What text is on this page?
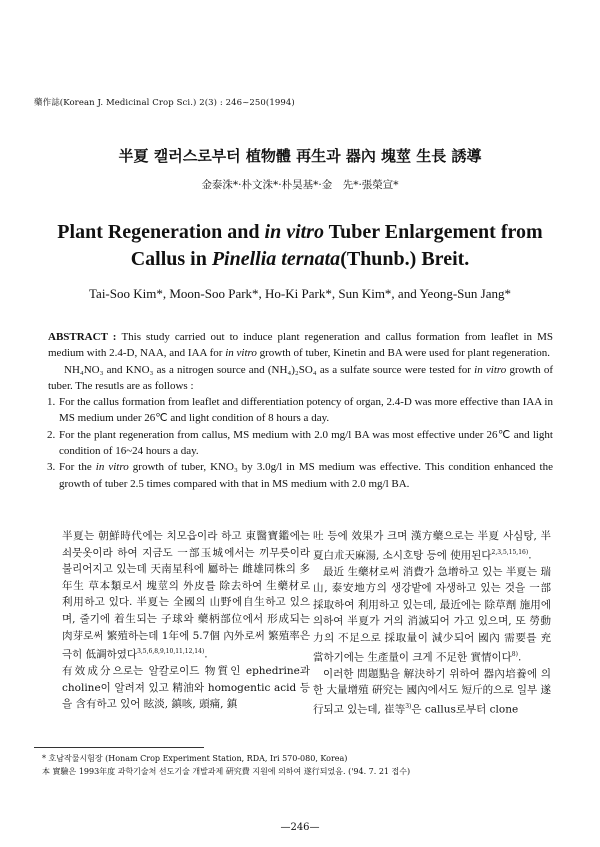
藥作誌(Korean J. Medicinal Crop Sci.) 2(3) : 246~250(1994)
半夏 캘러스로부터 植物體 再生과 器內 塊莖 生長 誘導
金泰洙*·朴文洙*·朴昊基*·金　先*·張榮宣*
Plant Regeneration and in vitro Tuber Enlargement from
Callus in Pinellia ternata(Thunb.) Breit.
Tai-Soo Kim*, Moon-Soo Park*, Ho-Ki Park*, Sun Kim*, and Yeong-Sun Jang*

ABSTRACT : This study carried out to induce plant regeneration and callus formation from leaflet in MS medium with 2.4-D, NAA, and IAA for in vitro growth of tuber, Kinetin and BA were used for plant regeneration.

NH₄NO₃ and KNO₃ as a nitrogen source and (NH₄)₂SO₄ as a sulfate source were tested for in vitro growth of tuber. The resutls are as follows :

1. For the callus formation from leaflet and differentiation potency of organ, 2.4-D was more effective than IAA in MS medium under 26℃ and light condition of 8 hours a day.
2. For the plant regeneration from callus, MS medium with 2.0 mg/l BA was most effective under 26℃ and light condition of 16~24 hours a day.
3. For the in vitro growth of tuber, KNO₃ by 3.0g/l in MS medium was effective. This condition enhanced the growth of tuber 2.5 times compared with that in MS medium with 2.0 mg/l BA.

半夏는 朝鮮時代에는 치모읍이라 하고 東醫寶鑑에는 쇠뭇옷이라 하여 지금도 一部玉城에서는 끼무릇이라 불리어지고 있는데 天南星科에 屬하는 雌雄同株의 多年生 草本類로서 塊莖의 外皮를 除去하여 生藥材로 利用하고 있다. 半夏는 全國의 山野에自生하고 있으며, 줄기에 着生되는 子球와 藥柄部位에서 形成되는 肉芽로써 繁殖하는데 1年에 5.7個 內外로써 繁殖率은 극히 低調하였다$^{3,5,6,8,9,10,11,12,14)}$.

有效成分으로는 알칼로이드 物質인 ephedrine과 choline이 알려져 있고 精油와 homogentic acid 등을 含有하고 있어 眩淡, 鎮咳, 頭痛, 鎮

吐 등에 效果가 크며 漢方藥으로는 半夏 사심탕, 半夏白朮天麻湯, 소시호탕 등에 使用된다$^{2,3,5,15,16)}$.

最近 生藥材로써 消費가 急增하고 있는 半夏는 瑞山, 泰安地方의 생강밭에 자생하고 있는 것을 一部 採取하여 利用하고 있는데, 最近에는 除草劑 施用에 의하여 半夏가 거의 消滅되어 가고 있으며, 또 勞動力의 不足으로 採取量이 減少되어 國內 需要를 充當하기에는 生產量이 크게 不足한 實情이다$^{8)}$.

이러한 問題點을 解決하기 위하여 器內培養에 의한 大量增殖 硏究는 國內에서도 短斤的으로 일부 遂行되고 있는데, 崔等$^{3)}$은 callus로부터 clone

* 호남작물시험장 (Honam Crop Experiment Station, RDA, Iri 570-080, Korea)

本 實驗은 1993年度 과학기술처 선도기술 개발과제 硏究費 지원에 의하여 遂行되었음. ('94. 7. 21 접수)

—246—
